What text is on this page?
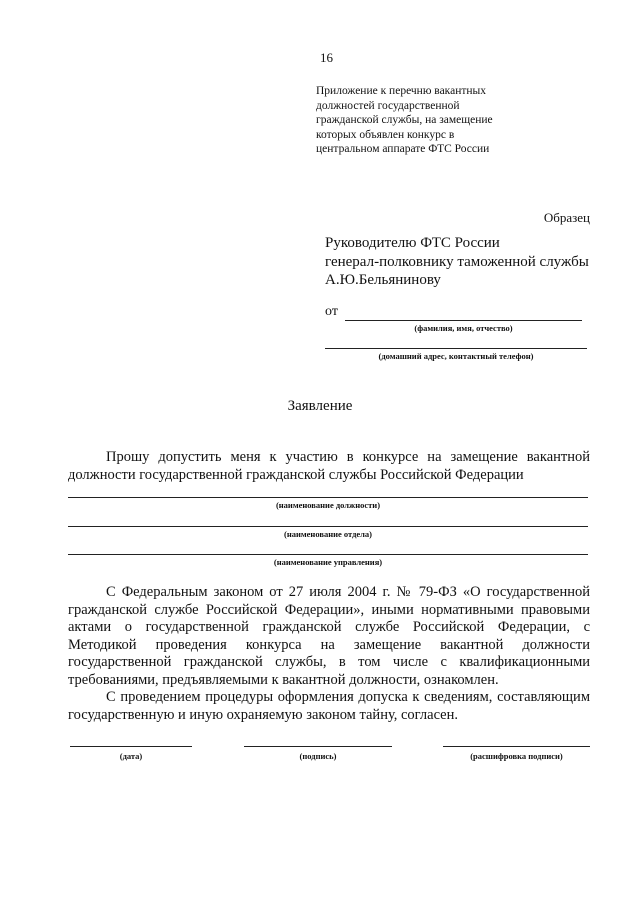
16
Приложение к перечню вакантных
должностей государственной
гражданской службы, на замещение
которых объявлен конкурс в
центральном аппарате ФТС России
Образец
Руководителю ФТС России
генерал-полковнику таможенной службы
А.Ю.Бельянинову
от
(фамилия, имя, отчество)
(домашний адрес, контактный телефон)
Заявление
Прошу допустить меня к участию в конкурсе на замещение вакантной должности государственной гражданской службы Российской Федерации
(наименование должности)
(наименование отдела)
(наименование управления)
С Федеральным законом от 27 июля 2004 г. № 79-ФЗ «О государственной гражданской службе Российской Федерации», иными нормативными правовыми актами о государственной гражданской службе Российской Федерации, с Методикой проведения конкурса на замещение вакантной должности государственной гражданской службы, в том числе с квалификационными требованиями, предъявляемыми к вакантной должности, ознакомлен.
С проведением процедуры оформления допуска к сведениям, составляющим государственную и иную охраняемую законом тайну, согласен.
(дата)	(подпись)	(расшифровка подписи)
